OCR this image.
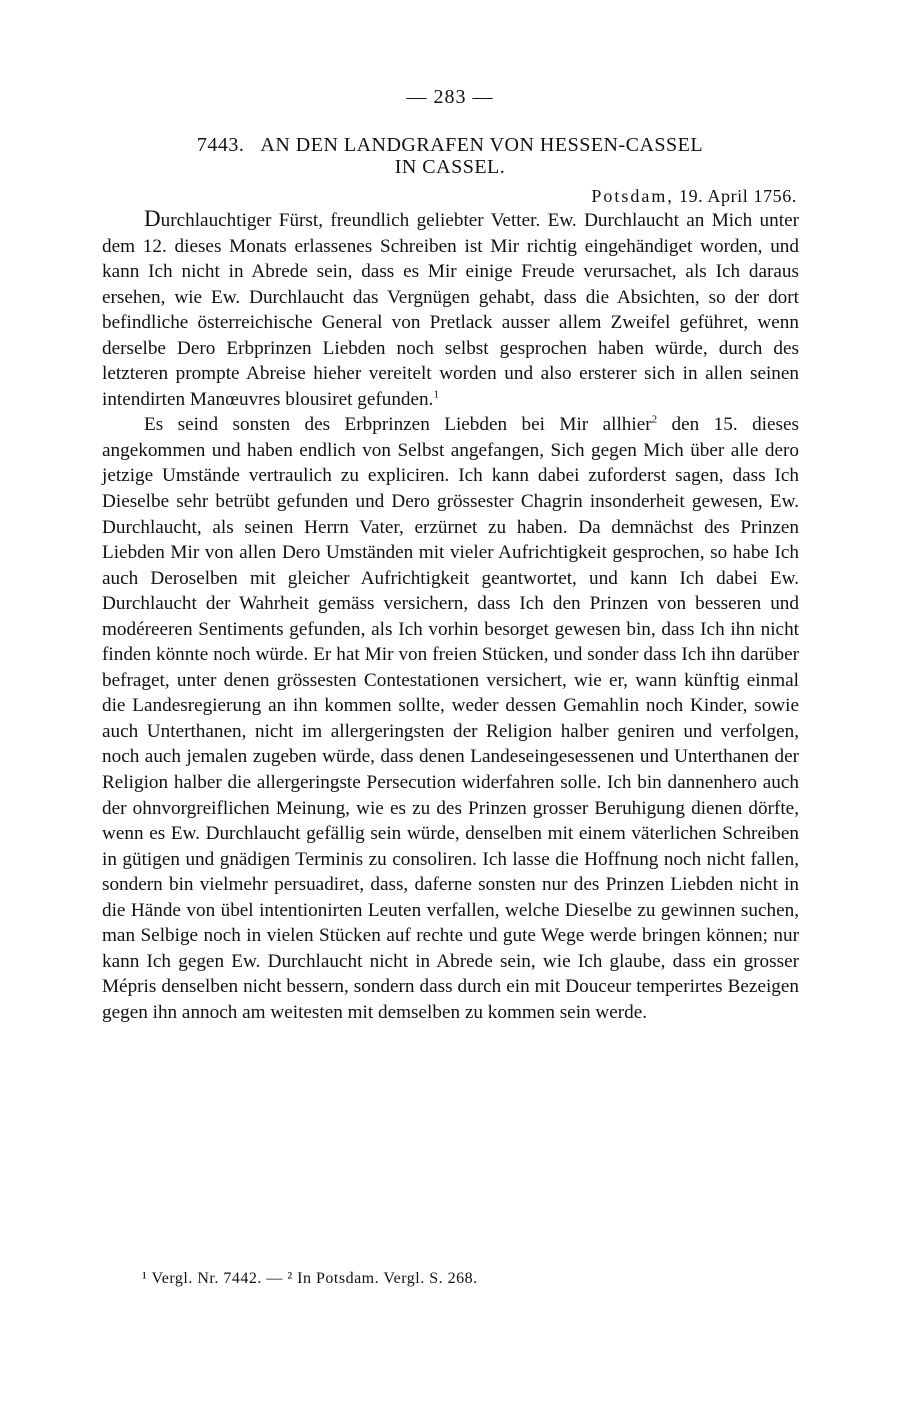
— 283 —
7443. AN DEN LANDGRAFEN VON HESSEN-CASSEL
IN CASSEL.
Potsdam, 19. April 1756.

Durchlauchtiger Fürst, freundlich geliebter Vetter. Ew. Durchlaucht an Mich unter dem 12. dieses Monats erlassenes Schreiben ist Mir richtig eingehändiget worden, und kann Ich nicht in Abrede sein, dass es Mir einige Freude verursachet, als Ich daraus ersehen, wie Ew. Durchlaucht das Vergnügen gehabt, dass die Absichten, so der dort befindliche österreichische General von Pretlack ausser allem Zweifel geführet, wenn derselbe Dero Erbprinzen Liebden noch selbst gesprochen haben würde, durch des letzteren prompte Abreise hieher vereitelt worden und also ersterer sich in allen seinen intendirten Manœuvres blousiret gefunden.$^1$

Es seind sonsten des Erbprinzen Liebden bei Mir allhier$^2$ den 15. dieses angekommen und haben endlich von Selbst angefangen, Sich gegen Mich über alle dero jetzige Umstände vertraulich zu expliciren. Ich kann dabei zuforderst sagen, dass Ich Dieselbe sehr betrübt gefunden und Dero grössester Chagrin insonderheit gewesen, Ew. Durchlaucht, als seinen Herrn Vater, erzürnet zu haben. Da demnächst des Prinzen Liebden Mir von allen Dero Umständen mit vieler Aufrichtigkeit gesprochen, so habe Ich auch Deroselben mit gleicher Aufrichtigkeit geantwortet, und kann Ich dabei Ew. Durchlaucht der Wahrheit gemäss versichern, dass Ich den Prinzen von besseren und modéreeren Sentiments gefunden, als Ich vorhin besorget gewesen bin, dass Ich ihn nicht finden könnte noch würde. Er hat Mir von freien Stücken, und sonder dass Ich ihn darüber befraget, unter denen grössesten Contestationen versichert, wie er, wann künftig einmal die Landesregierung an ihn kommen sollte, weder dessen Gemahlin noch Kinder, sowie auch Unterthanen, nicht im allergeringsten der Religion halber geniren und verfolgen, noch auch jemalen zugeben würde, dass denen Landeseingesessenen und Unterthanen der Religion halber die allergeringste Persecution widerfahren solle. Ich bin dannenhero auch der ohnvorgreiflichen Meinung, wie es zu des Prinzen grosser Beruhigung dienen dörfte, wenn es Ew. Durchlaucht gefällig sein würde, denselben mit einem väterlichen Schreiben in gütigen und gnädigen Terminis zu consoliren. Ich lasse die Hoffnung noch nicht fallen, sondern bin vielmehr persuadiret, dass, daferne sonsten nur des Prinzen Liebden nicht in die Hände von übel intentionirten Leuten verfallen, welche Dieselbe zu gewinnen suchen, man Selbige noch in vielen Stücken auf rechte und gute Wege werde bringen können; nur kann Ich gegen Ew. Durchlaucht nicht in Abrede sein, wie Ich glaube, dass ein grosser Mépris denselben nicht bessern, sondern dass durch ein mit Douceur temperirtes Bezeigen gegen ihn annoch am weitesten mit demselben zu kommen sein werde.

¹ Vergl. Nr. 7442. — ² In Potsdam. Vergl. S. 268.
